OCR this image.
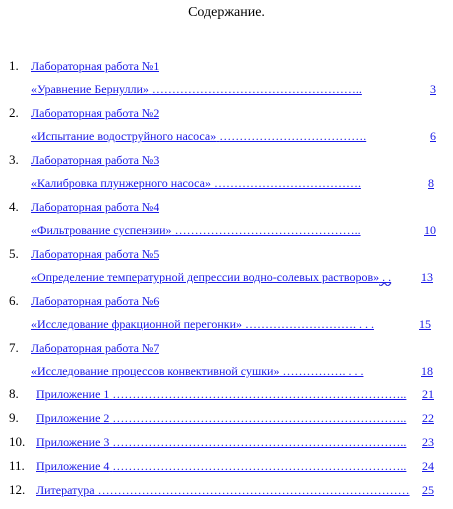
Содержание.
1. Лабораторная работа №1
«Уравнение Бернулли» ……………………………………………..	3
2. Лабораторная работа №2
«Испытание водоструйного насоса» ……………………………….	6
3. Лабораторная работа №3
«Калибровка плунжерного насоса» ……………………………….	8
4. Лабораторная работа №4
«Фильтрование суспензии» ………………………………………..	10
5. Лабораторная работа №5
«Определение температурной депрессии водно-солевых растворов» . .	13
6. Лабораторная работа №6
«Исследование фракционной перегонки» ………………………. . . .	15
7. Лабораторная работа №7
«Исследование процессов конвективной сушки» ……………. . . .	18
8. Приложение 1 ………………………………………………………………..	21
9. Приложение 2 ………………………………………………………………..	22
10. Приложение 3 ………………………………………………………………..	23
11. Приложение 4 ………………………………………………………………..	24
12. Литература ……………………………………………………………………	25
